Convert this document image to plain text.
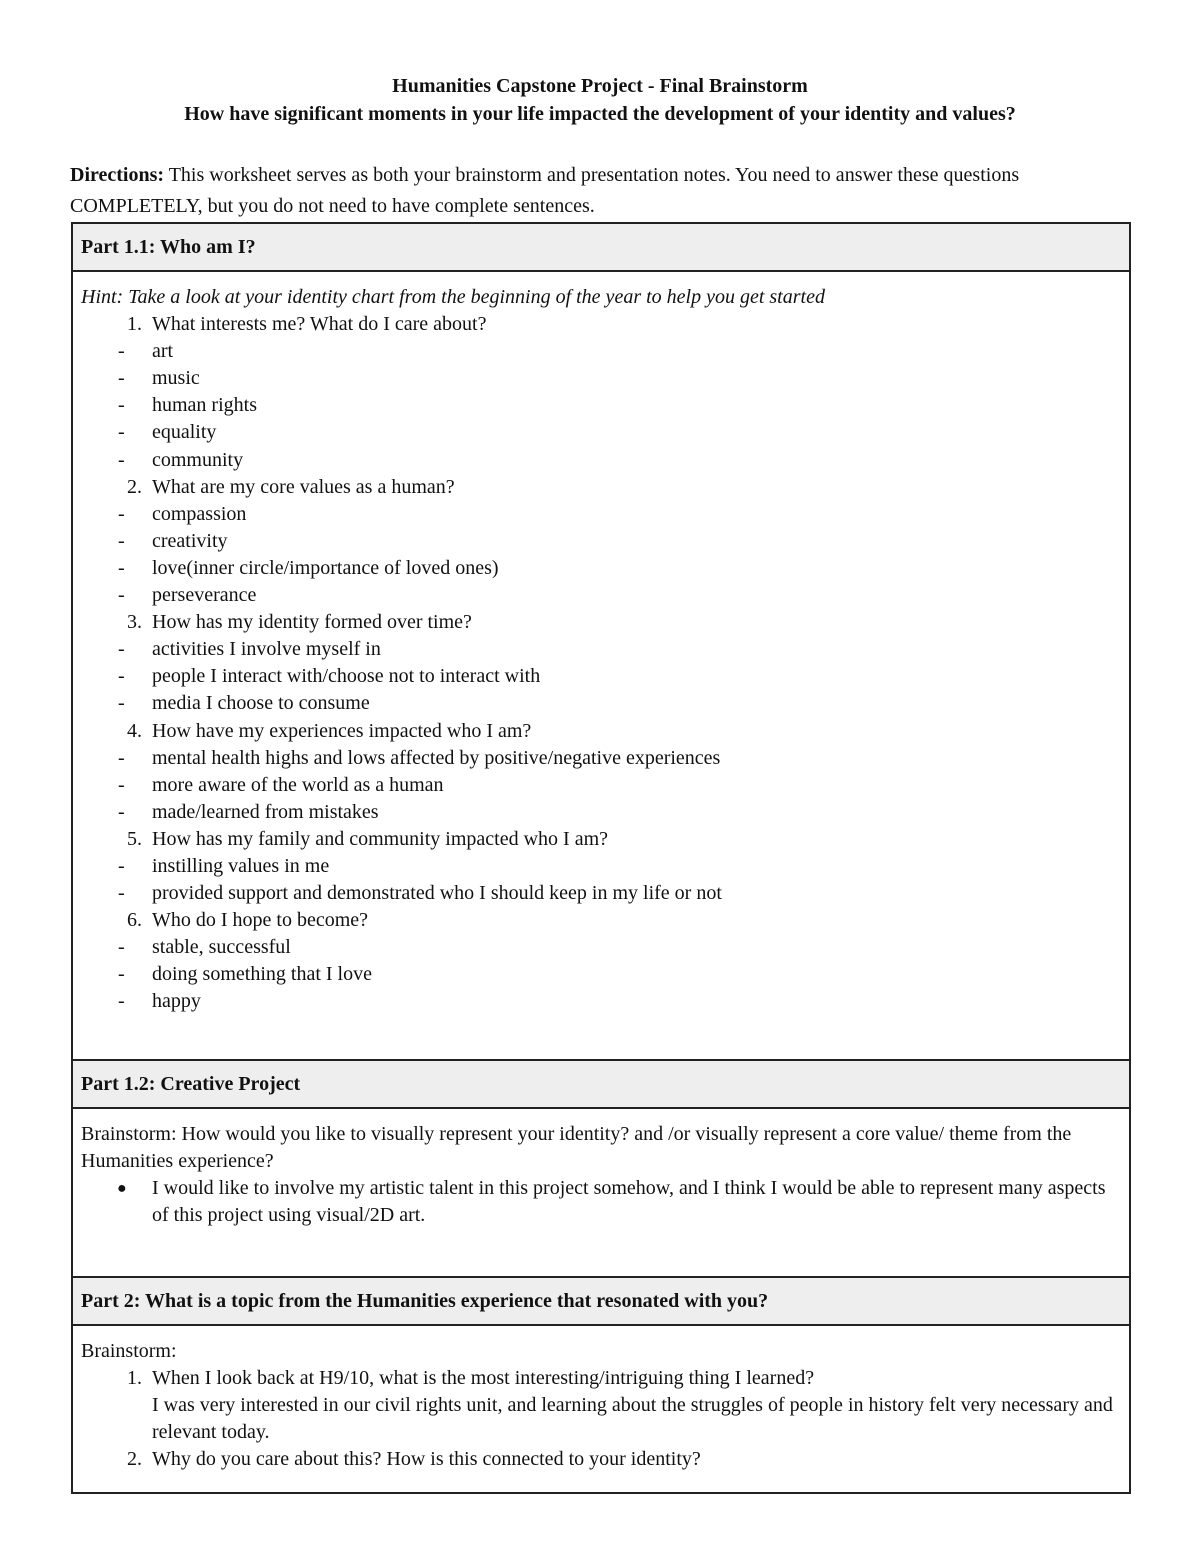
Humanities Capstone Project - Final Brainstorm
How have significant moments in your life impacted the development of your identity and values?
Directions: This worksheet serves as both your brainstorm and presentation notes. You need to answer these questions COMPLETELY, but you do not need to have complete sentences.
Part 1.1: Who am I?

Hint: Take a look at your identity chart from the beginning of the year to help you get started
1. What interests me? What do I care about?
-	art
-	music
-	human rights
-	equality
-	community
2. What are my core values as a human?
-	compassion
-	creativity
-	love(inner circle/importance of loved ones)
-	perseverance
3. How has my identity formed over time?
-	activities I involve myself in
-	people I interact with/choose not to interact with
-	media I choose to consume
4. How have my experiences impacted who I am?
-	mental health highs and lows affected by positive/negative experiences
-	more aware of the world as a human
-	made/learned from mistakes
5. How has my family and community impacted who I am?
-	instilling values in me
-	provided support and demonstrated who I should keep in my life or not
6. Who do I hope to become?
-	stable, successful
-	doing something that I love
-	happy

Part 1.2: Creative Project

Brainstorm: How would you like to visually represent your identity? and /or visually represent a core value/ theme from the Humanities experience?
●	I would like to involve my artistic talent in this project somehow, and I think I would be able to represent many aspects of this project using visual/2D art.

Part 2: What is a topic from the Humanities experience that resonated with you?

Brainstorm:
1. When I look back at H9/10, what is the most interesting/intriguing thing I learned?
I was very interested in our civil rights unit, and learning about the struggles of people in history felt very necessary and relevant today.
2. Why do you care about this? How is this connected to your identity?
